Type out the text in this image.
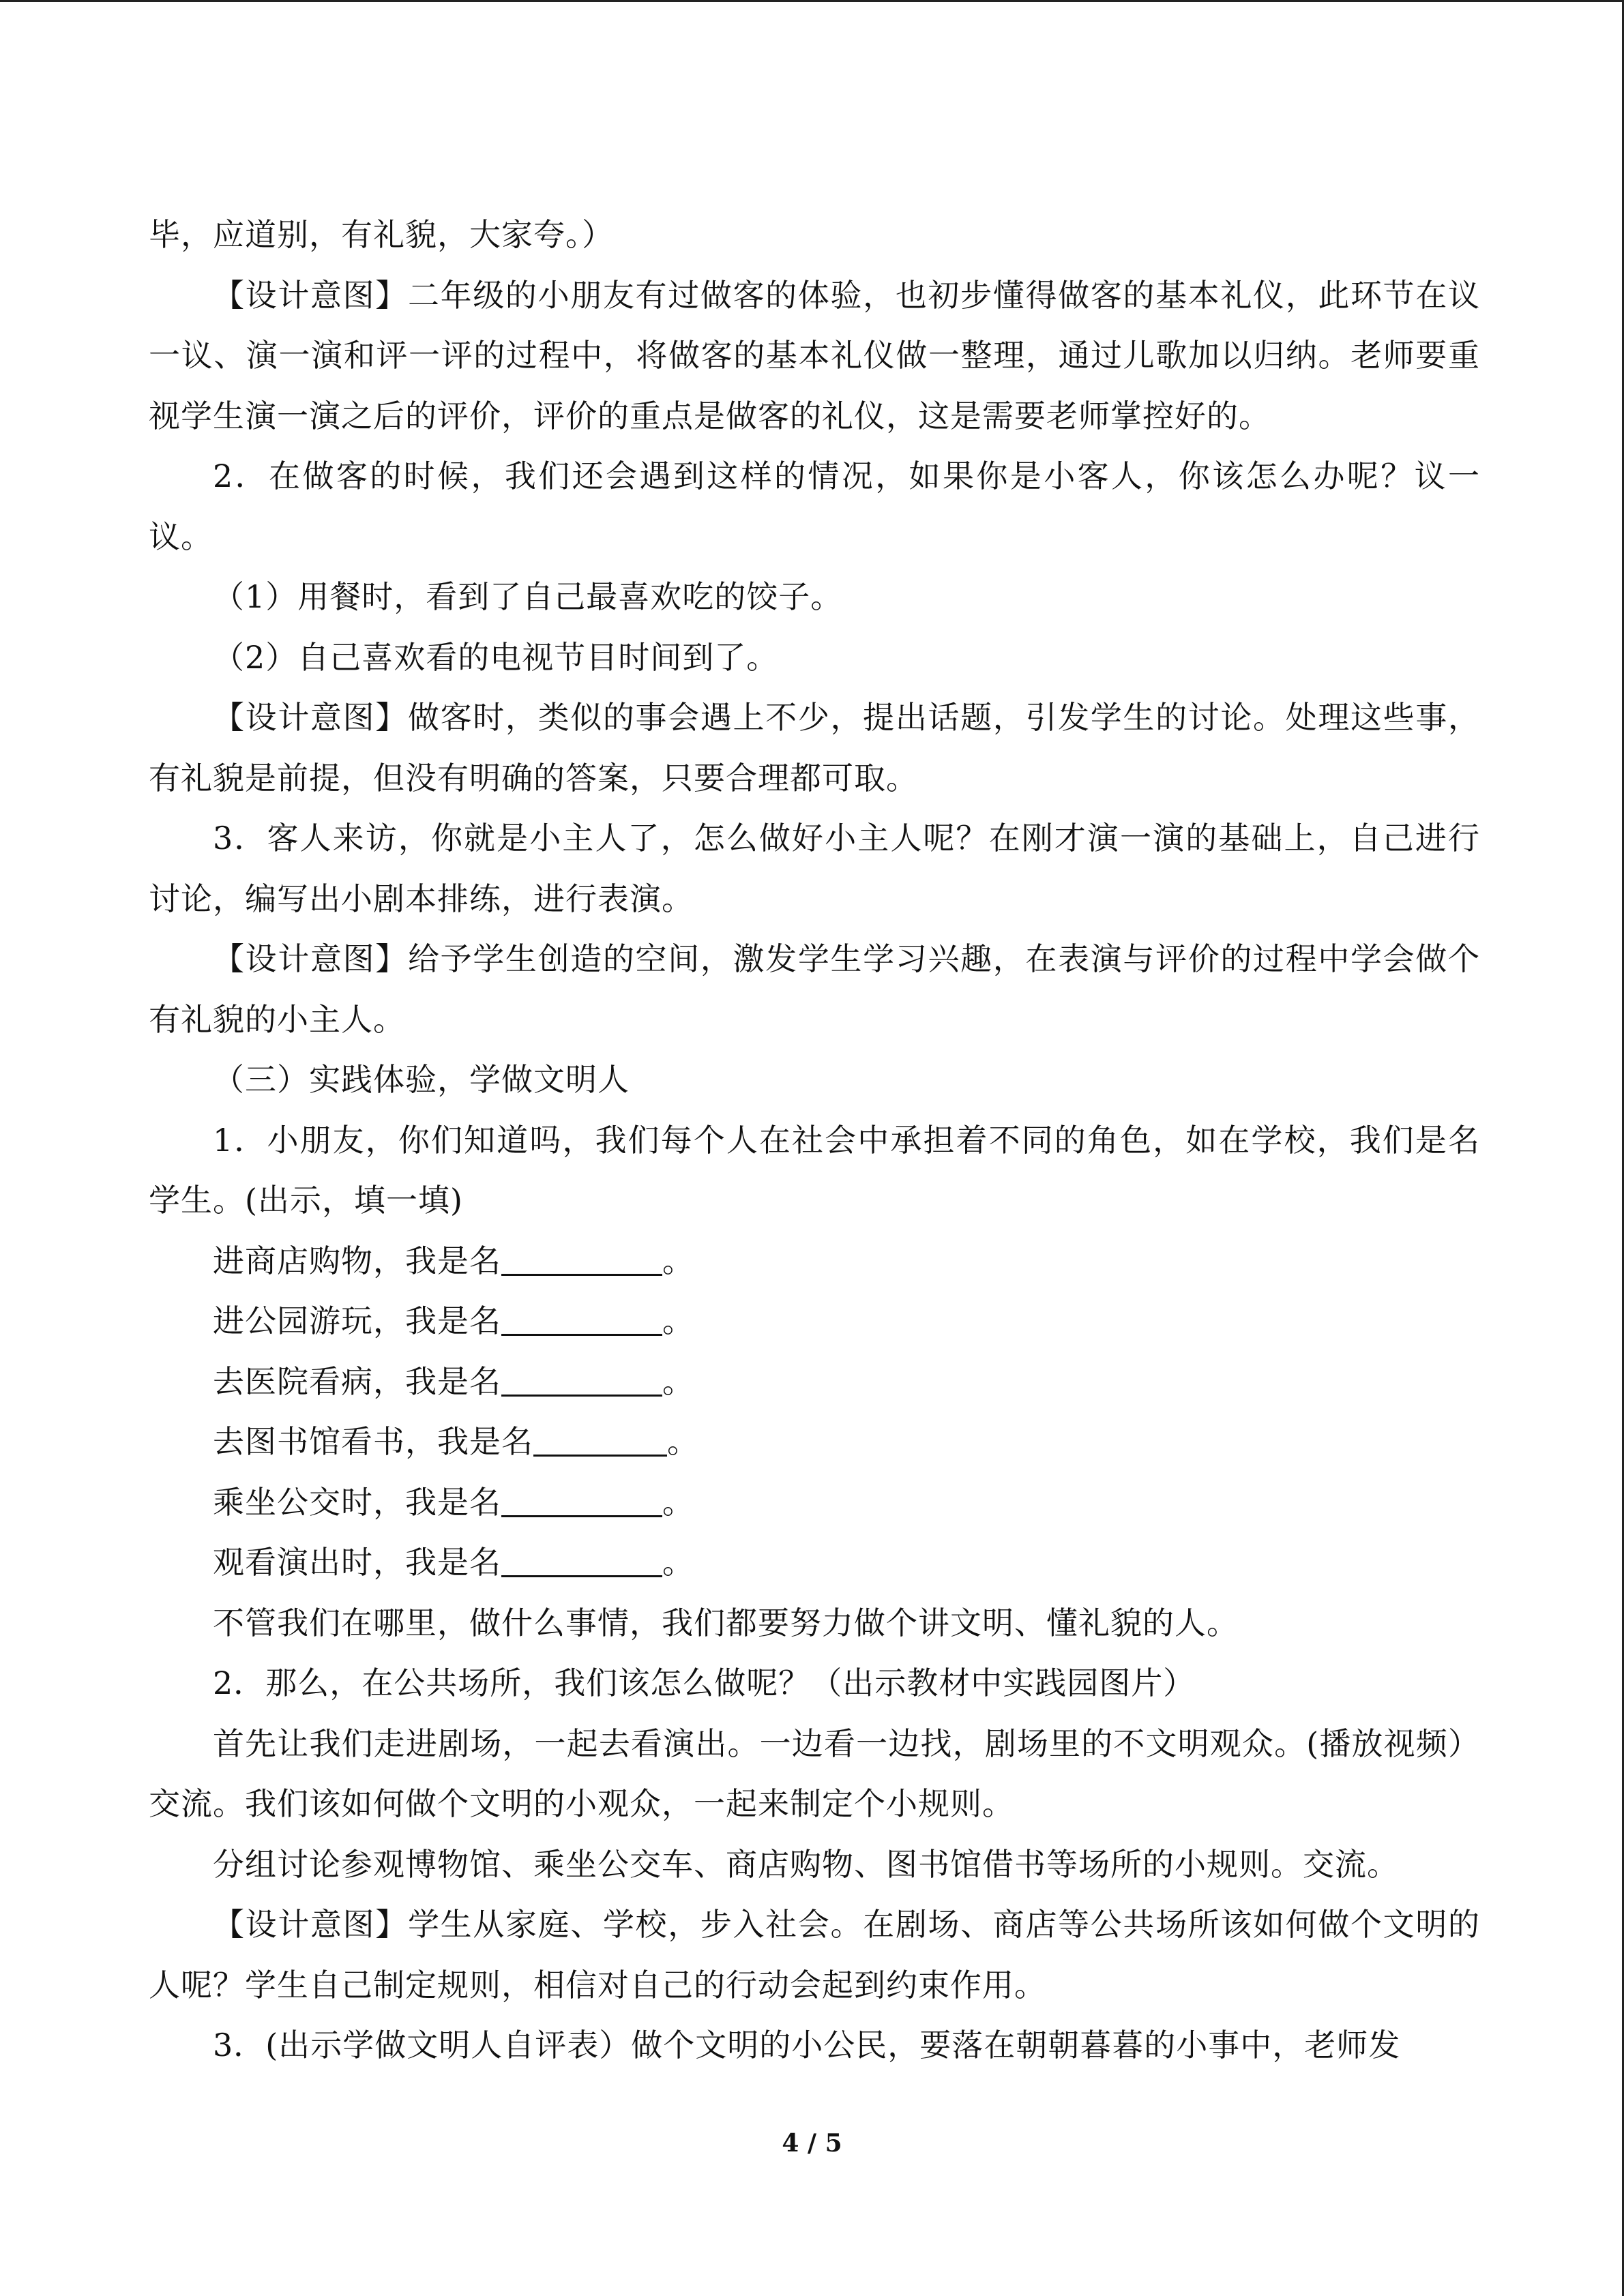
毕，应道别，有礼貌，大家夸。）

【设计意图】二年级的小朋友有过做客的体验，也初步懂得做客的基本礼仪，此环节在议一议、演一演和评一评的过程中，将做客的基本礼仪做一整理，通过儿歌加以归纳。老师要重视学生演一演之后的评价，评价的重点是做客的礼仪，这是需要老师掌控好的。

2．在做客的时候，我们还会遇到这样的情况，如果你是小客人，你该怎么办呢？议一议。

（1）用餐时，看到了自己最喜欢吃的饺子。

（2）自己喜欢看的电视节目时间到了。

【设计意图】做客时，类似的事会遇上不少，提出话题，引发学生的讨论。处理这些事，有礼貌是前提，但没有明确的答案，只要合理都可取。

3．客人来访，你就是小主人了，怎么做好小主人呢？在刚才演一演的基础上，自己进行讨论，编写出小剧本排练，进行表演。

【设计意图】给予学生创造的空间，激发学生学习兴趣，在表演与评价的过程中学会做个有礼貌的小主人。

（三）实践体验，学做文明人

1．小朋友，你们知道吗，我们每个人在社会中承担着不同的角色，如在学校，我们是名学生。(出示，填一填)

进商店购物，我是名	。

进公园游玩，我是名	。

去医院看病，我是名	。

去图书馆看书，我是名	。

乘坐公交时，我是名	。

观看演出时，我是名	。

不管我们在哪里，做什么事情，我们都要努力做个讲文明、懂礼貌的人。

2．那么，在公共场所，我们该怎么做呢？（出示教材中实践园图片）

首先让我们走进剧场，一起去看演出。一边看一边找，剧场里的不文明观众。(播放视频）交流。我们该如何做个文明的小观众，一起来制定个小规则。

分组讨论参观博物馆、乘坐公交车、商店购物、图书馆借书等场所的小规则。交流。

【设计意图】学生从家庭、学校，步入社会。在剧场、商店等公共场所该如何做个文明的人呢？学生自己制定规则，相信对自己的行动会起到约束作用。

3．(出示学做文明人自评表）做个文明的小公民，要落在朝朝暮暮的小事中，老师发

4 / 5
